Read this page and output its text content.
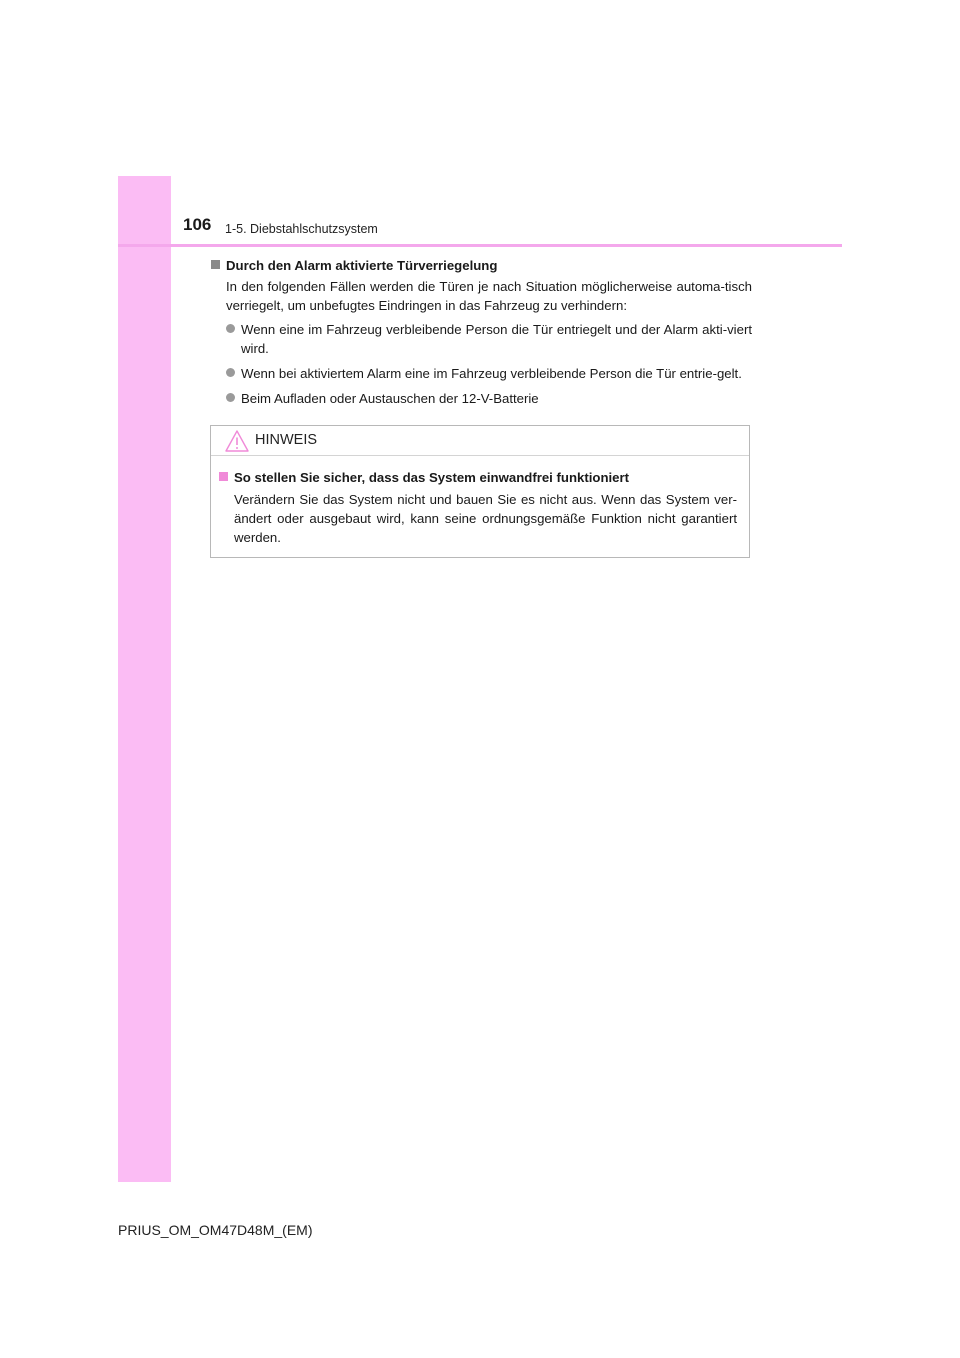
106 1-5. Diebstahlschutzsystem
Durch den Alarm aktivierte Türverriegelung
In den folgenden Fällen werden die Türen je nach Situation möglicherweise automa-tisch verriegelt, um unbefugtes Eindringen in das Fahrzeug zu verhindern:
Wenn eine im Fahrzeug verbleibende Person die Tür entriegelt und der Alarm akti-viert wird.
Wenn bei aktiviertem Alarm eine im Fahrzeug verbleibende Person die Tür entrie-gelt.
Beim Aufladen oder Austauschen der 12-V-Batterie
HINWEIS
So stellen Sie sicher, dass das System einwandfrei funktioniert
Verändern Sie das System nicht und bauen Sie es nicht aus. Wenn das System ver-ändert oder ausgebaut wird, kann seine ordnungsgemäße Funktion nicht garantiert werden.
PRIUS_OM_OM47D48M_(EM)
